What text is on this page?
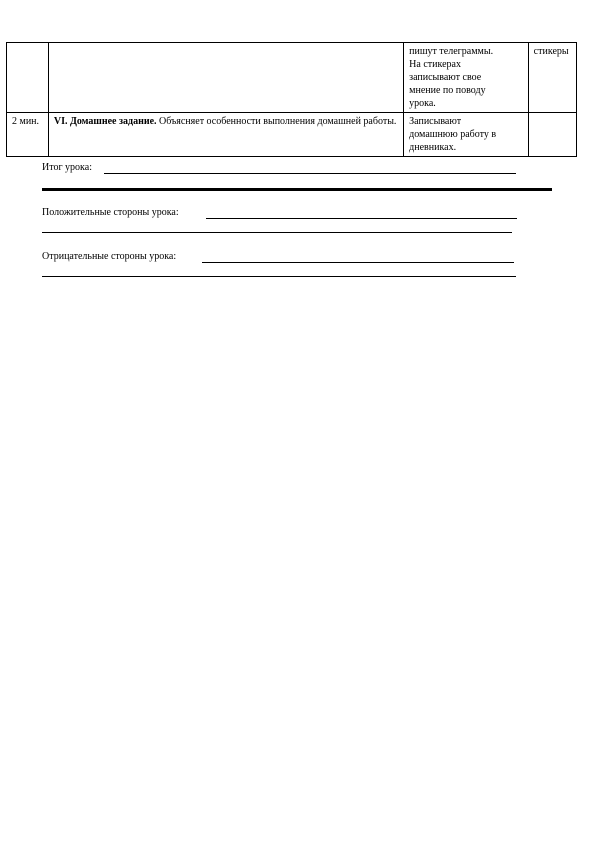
		пишут телеграммы.
На стикерах
записывают свое
мнение по поводу
урока.	стикеры
2 мин.	VI. Домашнее задание. Объясняет особенности выполнения домашней работы.	Записывают
домашнюю работу в
дневниках.	

Итог урока:
Положительные стороны урока:
Отрицательные стороны урока:
